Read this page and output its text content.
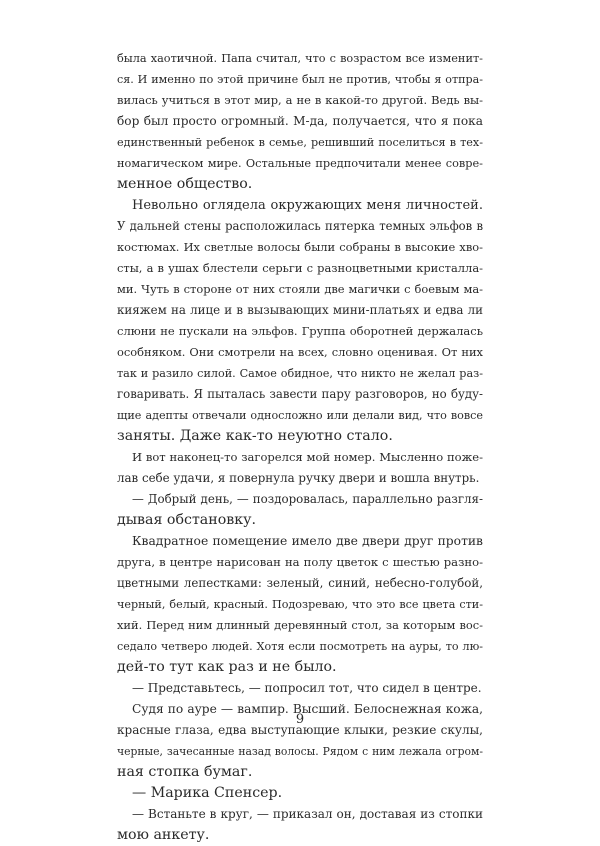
была хаотичной. Папа считал, что с возрастом все изменит-
ся. И именно по этой причине был не против, чтобы я отпра-
вилась учиться в этот мир, а не в какой-то другой. Ведь вы-
бор был просто огромный. М-да, получается, что я пока
единственный ребенок в семье, решивший поселиться в тех-
номагическом мире. Остальные предпочитали менее совре-
менное общество.
Невольно оглядела окружающих меня личностей.
У дальней стены расположилась пятерка темных эльфов в
костюмах. Их светлые волосы были собраны в высокие хво-
сты, а в ушах блестели серьги с разноцветными кристалла-
ми. Чуть в стороне от них стояли две магички с боевым ма-
кияжем на лице и в вызывающих мини-платьях и едва ли
слюни не пускали на эльфов. Группа оборотней держалась
особняком. Они смотрели на всех, словно оценивая. От них
так и разило силой. Самое обидное, что никто не желал раз-
говаривать. Я пыталась завести пару разговоров, но буду-
щие адепты отвечали односложно или делали вид, что вовсе
заняты. Даже как-то неуютно стало.
И вот наконец-то загорелся мой номер. Мысленно поже-
лав себе удачи, я повернула ручку двери и вошла внутрь.
— Добрый день, — поздоровалась, параллельно разгля-
дывая обстановку.
Квадратное помещение имело две двери друг против
друга, в центре нарисован на полу цветок с шестью разно-
цветными лепестками: зеленый, синий, небесно-голубой,
черный, белый, красный. Подозреваю, что это все цвета сти-
хий. Перед ним длинный деревянный стол, за которым вос-
седало четверо людей. Хотя если посмотреть на ауры, то лю-
дей-то тут как раз и не было.
— Представьтесь, — попросил тот, что сидел в центре.
Судя по ауре — вампир. Высший. Белоснежная кожа,
красные глаза, едва выступающие клыки, резкие скулы,
черные, зачесанные назад волосы. Рядом с ним лежала огром-
ная стопка бумаг.
— Марика Спенсер.
— Встаньте в круг, — приказал он, доставая из стопки
мою анкету.
9
